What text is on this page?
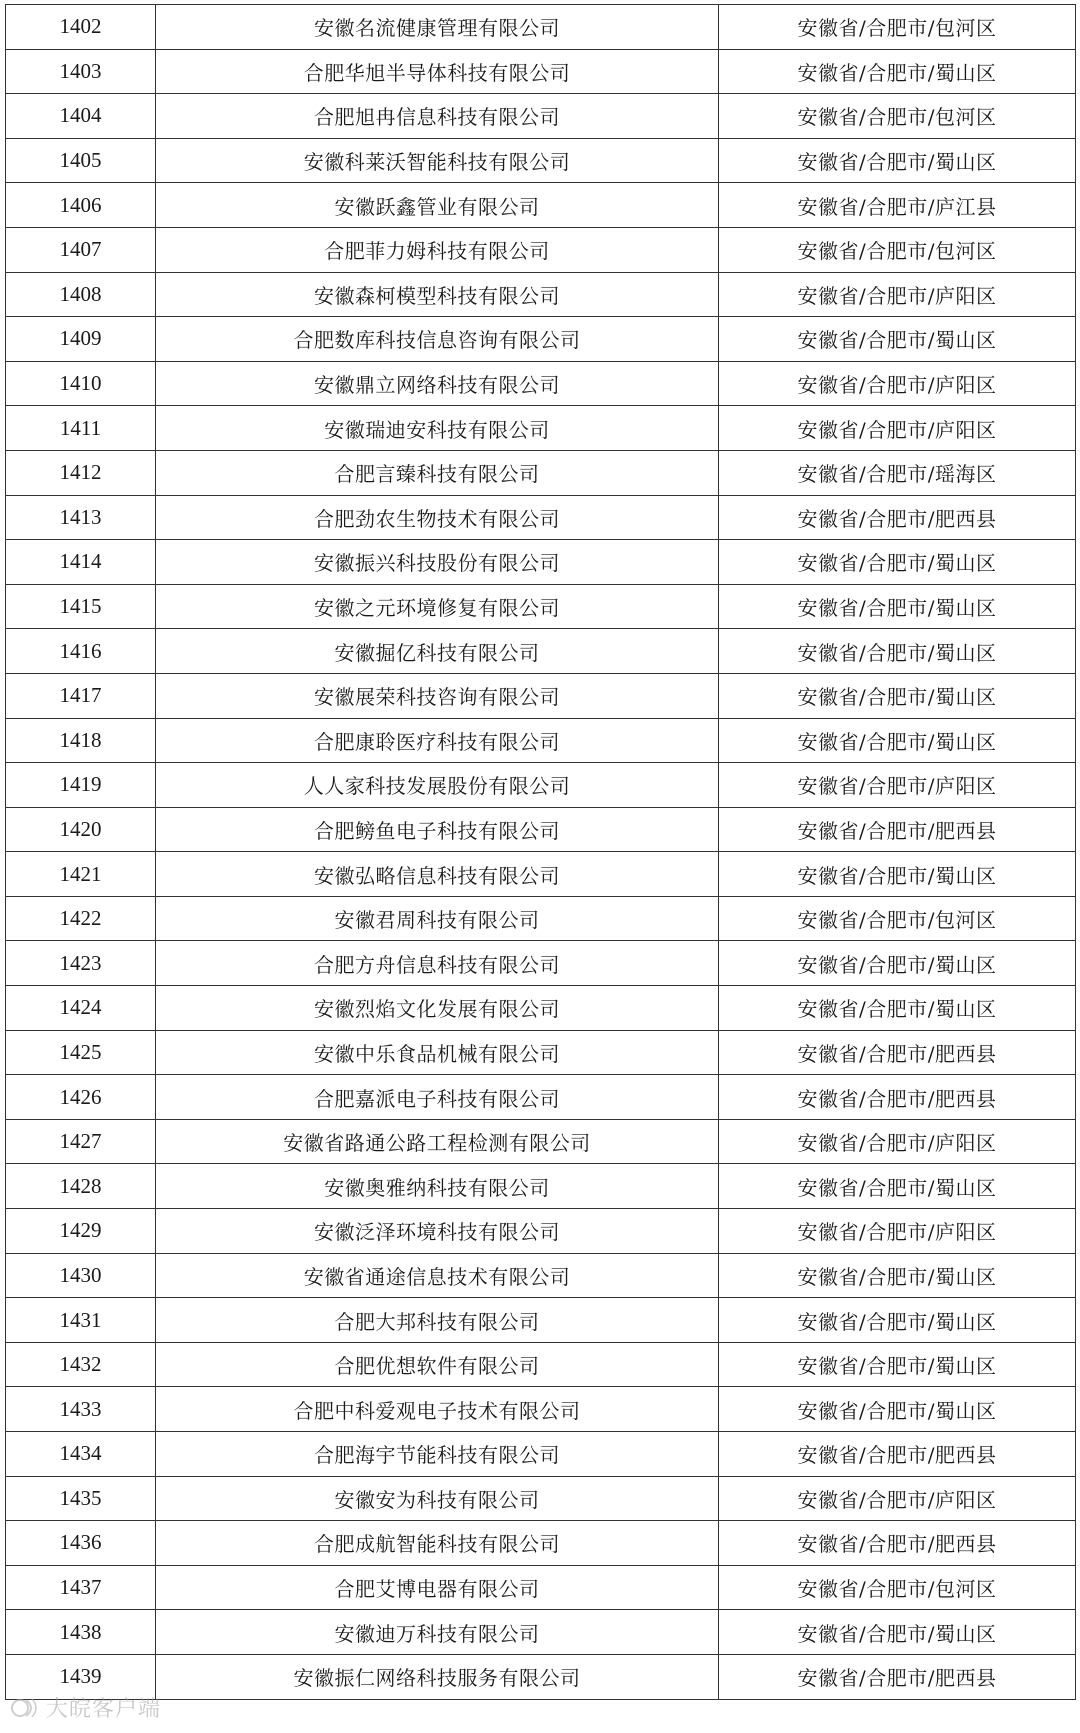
1402	安徽名流健康管理有限公司	安徽省/合肥市/包河区
1403	合肥华旭半导体科技有限公司	安徽省/合肥市/蜀山区
1404	合肥旭冉信息科技有限公司	安徽省/合肥市/包河区
1405	安徽科莱沃智能科技有限公司	安徽省/合肥市/蜀山区
1406	安徽跃鑫管业有限公司	安徽省/合肥市/庐江县
1407	合肥菲力姆科技有限公司	安徽省/合肥市/包河区
1408	安徽森柯模型科技有限公司	安徽省/合肥市/庐阳区
1409	合肥数库科技信息咨询有限公司	安徽省/合肥市/蜀山区
1410	安徽鼎立网络科技有限公司	安徽省/合肥市/庐阳区
1411	安徽瑞迪安科技有限公司	安徽省/合肥市/庐阳区
1412	合肥言臻科技有限公司	安徽省/合肥市/瑶海区
1413	合肥劲农生物技术有限公司	安徽省/合肥市/肥西县
1414	安徽振兴科技股份有限公司	安徽省/合肥市/蜀山区
1415	安徽之元环境修复有限公司	安徽省/合肥市/蜀山区
1416	安徽掘亿科技有限公司	安徽省/合肥市/蜀山区
1417	安徽展荣科技咨询有限公司	安徽省/合肥市/蜀山区
1418	合肥康聆医疗科技有限公司	安徽省/合肥市/蜀山区
1419	人人家科技发展股份有限公司	安徽省/合肥市/庐阳区
1420	合肥鳑鱼电子科技有限公司	安徽省/合肥市/肥西县
1421	安徽弘略信息科技有限公司	安徽省/合肥市/蜀山区
1422	安徽君周科技有限公司	安徽省/合肥市/包河区
1423	合肥方舟信息科技有限公司	安徽省/合肥市/蜀山区
1424	安徽烈焰文化发展有限公司	安徽省/合肥市/蜀山区
1425	安徽中乐食品机械有限公司	安徽省/合肥市/肥西县
1426	合肥嘉派电子科技有限公司	安徽省/合肥市/肥西县
1427	安徽省路通公路工程检测有限公司	安徽省/合肥市/庐阳区
1428	安徽奥雅纳科技有限公司	安徽省/合肥市/蜀山区
1429	安徽泛泽环境科技有限公司	安徽省/合肥市/庐阳区
1430	安徽省通途信息技术有限公司	安徽省/合肥市/蜀山区
1431	合肥大邦科技有限公司	安徽省/合肥市/蜀山区
1432	合肥优想软件有限公司	安徽省/合肥市/蜀山区
1433	合肥中科爱观电子技术有限公司	安徽省/合肥市/蜀山区
1434	合肥海宇节能科技有限公司	安徽省/合肥市/肥西县
1435	安徽安为科技有限公司	安徽省/合肥市/庐阳区
1436	合肥成航智能科技有限公司	安徽省/合肥市/肥西县
1437	合肥艾博电器有限公司	安徽省/合肥市/包河区
1438	安徽迪万科技有限公司	安徽省/合肥市/蜀山区
1439	安徽振仁网络科技服务有限公司	安徽省/合肥市/肥西县
大皖客户端
